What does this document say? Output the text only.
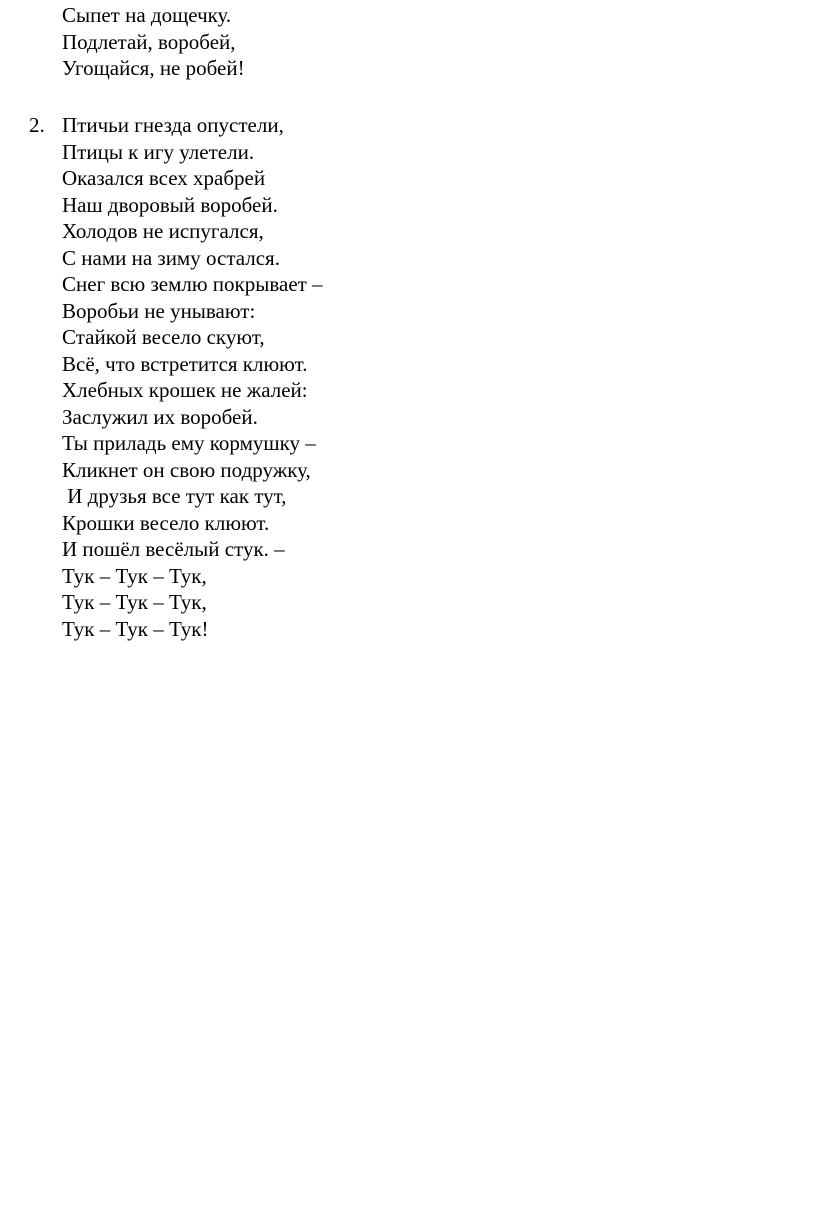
Сыпет на дощечку.
Подлетай, воробей,
Угощайся, не робей!
2. Птичьи гнезда опустели,
Птицы к игу улетели.
Оказался всех храбрей
Наш дворовый воробей.
Холодов не испугался,
С нами на зиму остался.
Снег всю землю покрывает –
Воробьи не унывают:
Стайкой весело скуют,
Всё, что встретится клюют.
Хлебных крошек не жалей:
Заслужил их воробей.
Ты приладь ему кормушку –
Кликнет он свою подружку,
И друзья все тут как тут,
Крошки весело клюют.
И пошёл весёлый стук. –
Тук – Тук – Тук,
Тук – Тук – Тук,
Тук – Тук – Тук!
